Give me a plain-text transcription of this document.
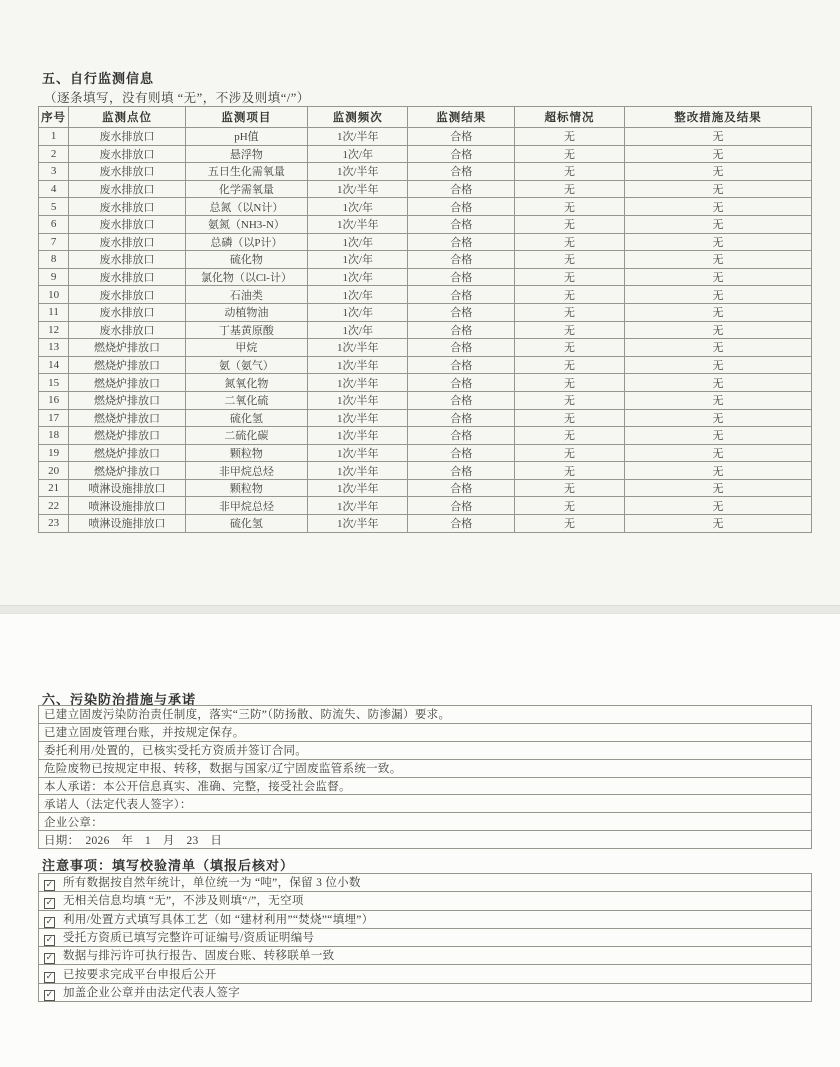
五、自行监测信息
（逐条填写，没有则填 “无”，不涉及则填“/”）
序号	监测点位	监测项目	监测频次	监测结果	超标情况	整改措施及结果
1	废水排放口	pH值	1次/半年	合格	无	无
2	废水排放口	悬浮物	1次/年	合格	无	无
3	废水排放口	五日生化需氧量	1次/半年	合格	无	无
4	废水排放口	化学需氧量	1次/半年	合格	无	无
5	废水排放口	总氮（以N计）	1次/年	合格	无	无
6	废水排放口	氨氮（NH3-N）	1次/半年	合格	无	无
7	废水排放口	总磷（以P计）	1次/年	合格	无	无
8	废水排放口	硫化物	1次/年	合格	无	无
9	废水排放口	氯化物（以Cl-计）	1次/年	合格	无	无
10	废水排放口	石油类	1次/年	合格	无	无
11	废水排放口	动植物油	1次/年	合格	无	无
12	废水排放口	丁基黄原酸	1次/年	合格	无	无
13	燃烧炉排放口	甲烷	1次/半年	合格	无	无
14	燃烧炉排放口	氨（氨气）	1次/半年	合格	无	无
15	燃烧炉排放口	氮氧化物	1次/半年	合格	无	无
16	燃烧炉排放口	二氧化硫	1次/半年	合格	无	无
17	燃烧炉排放口	硫化氢	1次/半年	合格	无	无
18	燃烧炉排放口	二硫化碳	1次/半年	合格	无	无
19	燃烧炉排放口	颗粒物	1次/半年	合格	无	无
20	燃烧炉排放口	非甲烷总烃	1次/半年	合格	无	无
21	喷淋设施排放口	颗粒物	1次/半年	合格	无	无
22	喷淋设施排放口	非甲烷总烃	1次/半年	合格	无	无
23	喷淋设施排放口	硫化氢	1次/半年	合格	无	无
六、污染防治措施与承诺
已建立固废污染防治责任制度，落实“三防”（防扬散、防流失、防渗漏）要求。
已建立固废管理台账，并按规定保存。
委托利用/处置的，已核实受托方资质并签订合同。
危险废物已按规定申报、转移，数据与国家/辽宁固废监管系统一致。
本人承诺：本公开信息真实、准确、完整，接受社会监督。
承诺人（法定代表人签字）：
企业公章：
日期：　2026　年　1　月　23　日
注意事项：填写校验清单（填报后核对）
✓ 所有数据按自然年统计，单位统一为 “吨”，保留 3 位小数
✓ 无相关信息均填 “无”，不涉及则填“/”，无空项
✓ 利用/处置方式填写具体工艺（如 “建材利用”“焚烧”“填埋”）
✓ 受托方资质已填写完整许可证编号/资质证明编号
✓ 数据与排污许可执行报告、固废台账、转移联单一致
✓ 已按要求完成平台申报后公开
✓ 加盖企业公章并由法定代表人签字
